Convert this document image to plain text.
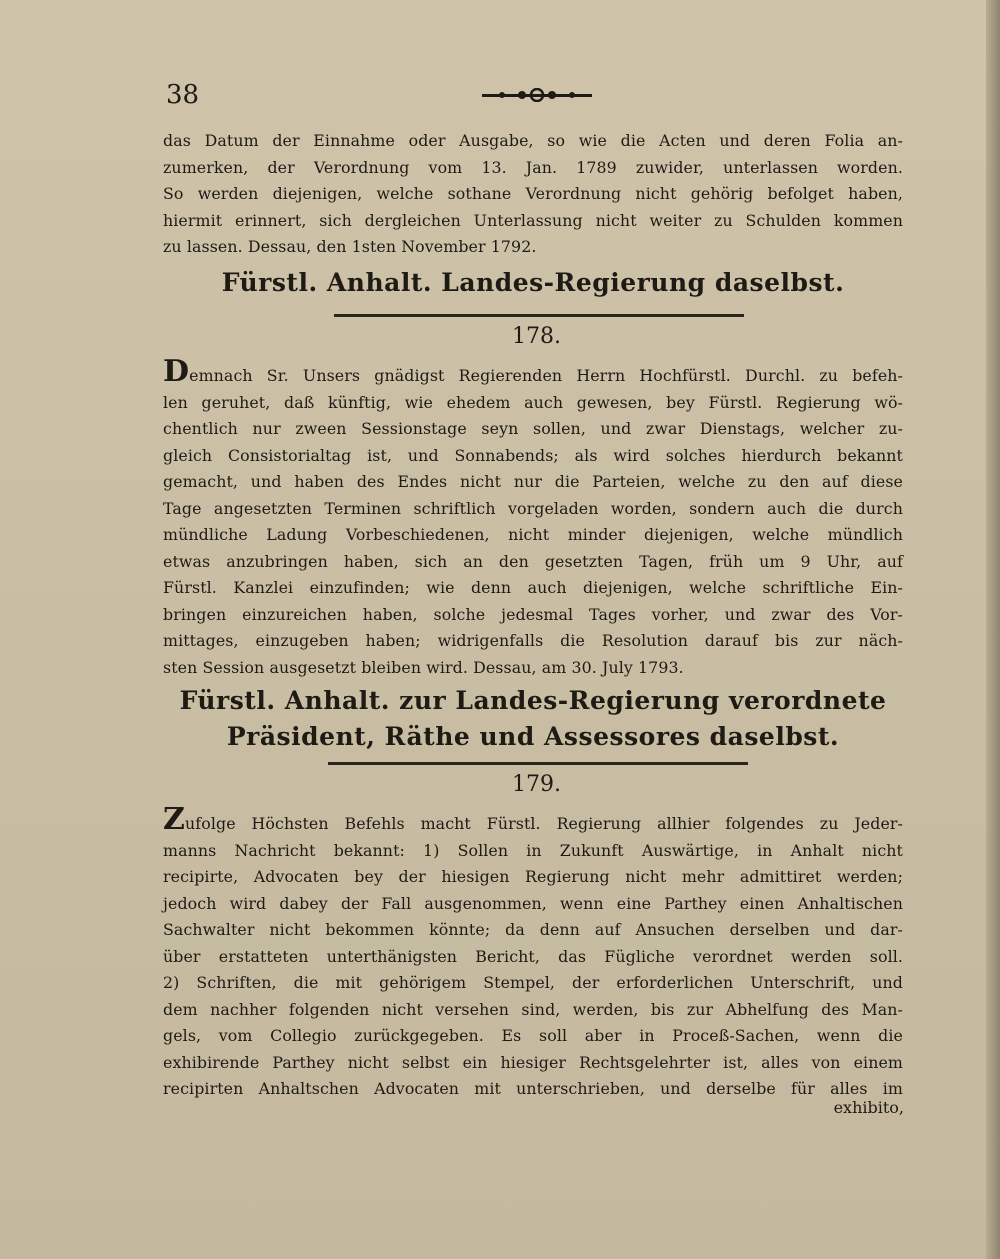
38

das Datum der Einnahme oder Ausgabe, so wie die Acten und deren Folia an-

zumerken, der Verordnung vom 13. Jan. 1789 zuwider, unterlassen worden.

So werden diejenigen, welche sothane Verordnung nicht gehörig befolget haben,

hiermit erinnert, sich dergleichen Unterlassung nicht weiter zu Schulden kommen

zu lassen. Dessau, den 1sten November 1792.

Fürstl. Anhalt. Landes-Regierung daselbst.

178.

Demnach Sr. Unsers gnädigst Regierenden Herrn Hochfürstl. Durchl. zu befeh-

len geruhet, daß künftig, wie ehedem auch gewesen, bey Fürstl. Regierung wö-

chentlich nur zween Sessionstage seyn sollen, und zwar Dienstags, welcher zu-

gleich Consistorialtag ist, und Sonnabends; als wird solches hierdurch bekannt

gemacht, und haben des Endes nicht nur die Parteien, welche zu den auf diese

Tage angesetzten Terminen schriftlich vorgeladen worden, sondern auch die durch

mündliche Ladung Vorbeschiedenen, nicht minder diejenigen, welche mündlich

etwas anzubringen haben, sich an den gesetzten Tagen, früh um 9 Uhr, auf

Fürstl. Kanzlei einzufinden; wie denn auch diejenigen, welche schriftliche Ein-

bringen einzureichen haben, solche jedesmal Tages vorher, und zwar des Vor-

mittages, einzugeben haben; widrigenfalls die Resolution darauf bis zur näch-

sten Session ausgesetzt bleiben wird. Dessau, am 30. July 1793.

Fürstl. Anhalt. zur Landes-Regierung verordnete

Präsident, Räthe und Assessores daselbst.

179.

Zufolge Höchsten Befehls macht Fürstl. Regierung allhier folgendes zu Jeder-

manns Nachricht bekannt: 1) Sollen in Zukunft Auswärtige, in Anhalt nicht

recipirte, Advocaten bey der hiesigen Regierung nicht mehr admittiret werden;

jedoch wird dabey der Fall ausgenommen, wenn eine Parthey einen Anhaltischen

Sachwalter nicht bekommen könnte; da denn auf Ansuchen derselben und dar-

über erstatteten unterthänigsten Bericht, das Fügliche verordnet werden soll.

2) Schriften, die mit gehörigem Stempel, der erforderlichen Unterschrift, und

dem nachher folgenden nicht versehen sind, werden, bis zur Abhelfung des Man-

gels, vom Collegio zurückgegeben. Es soll aber in Proceß-Sachen, wenn die

exhibirende Parthey nicht selbst ein hiesiger Rechtsgelehrter ist, alles von einem

recipirten Anhaltschen Advocaten mit unterschrieben, und derselbe für alles im

exhibito,
